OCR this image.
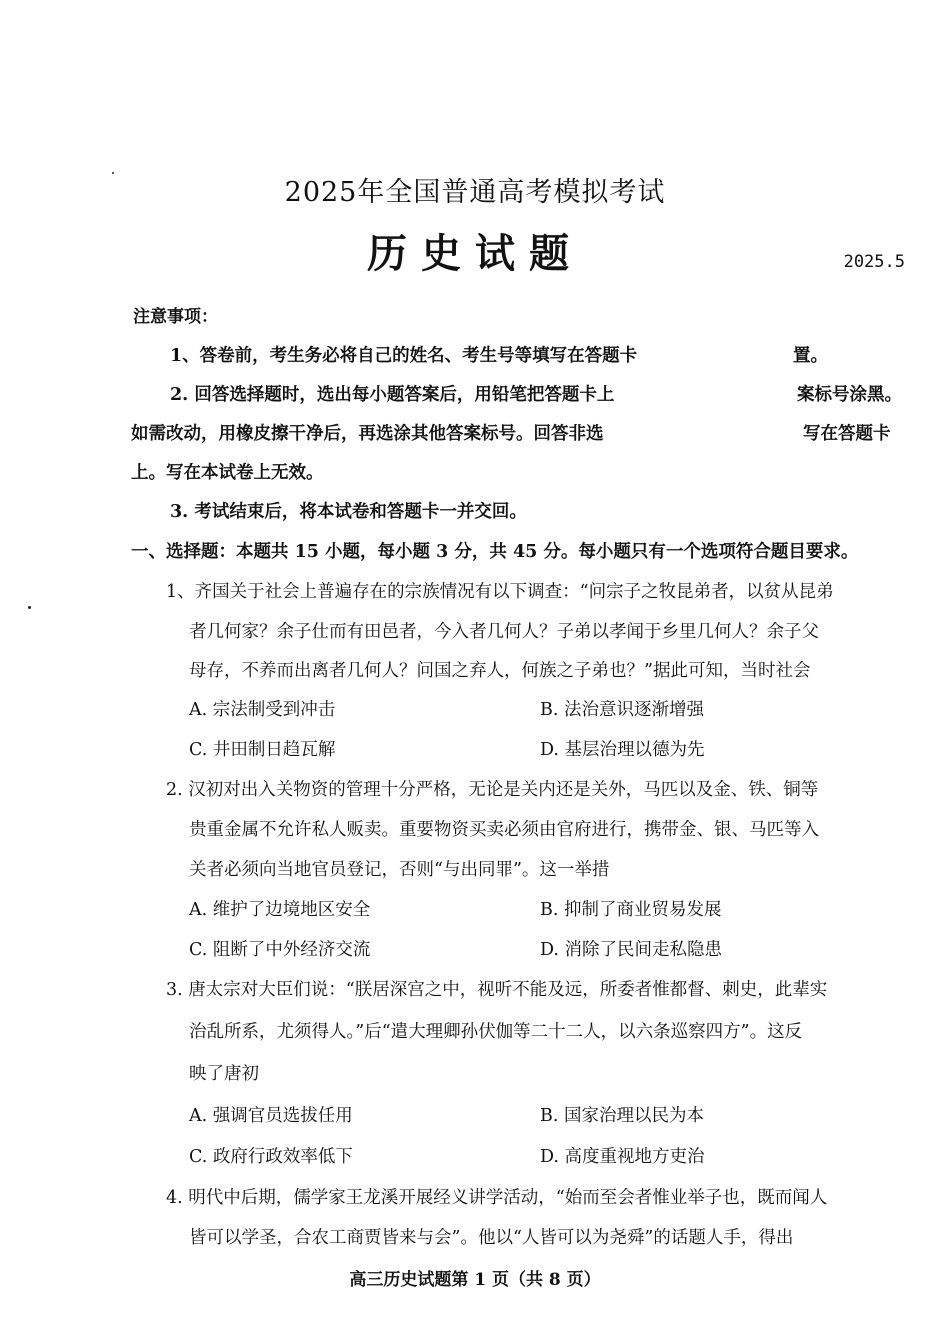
2025年全国普通高考模拟考试
历史试题	2025.5
注意事项：
1、答卷前，考生务必将自己的姓名、考生号等填写在答题卡	置。
2. 回答选择题时，选出每小题答案后，用铅笔把答题卡上	案标号涂黑。
如需改动，用橡皮擦干净后，再选涂其他答案标号。回答非选	写在答题卡
上。写在本试卷上无效。
3. 考试结束后，将本试卷和答题卡一并交回。
一、选择题：本题共 15 小题，每小题 3 分，共 45 分。每小题只有一个选项符合题目要求。
1、齐国关于社会上普遍存在的宗族情况有以下调查：“问宗子之牧昆弟者，以贫从昆弟
者几何家？余子仕而有田邑者，今入者几何人？子弟以孝闻于乡里几何人？余子父
母存，不养而出离者几何人？问国之弃人，何族之子弟也？”据此可知，当时社会
A. 宗法制受到冲击	B. 法治意识逐渐增强
C. 井田制日趋瓦解	D. 基层治理以德为先
2. 汉初对出入关物资的管理十分严格，无论是关内还是关外，马匹以及金、铁、铜等
贵重金属不允许私人贩卖。重要物资买卖必须由官府进行，携带金、银、马匹等入
关者必须向当地官员登记，否则“与出同罪”。这一举措
A. 维护了边境地区安全	B. 抑制了商业贸易发展
C. 阻断了中外经济交流	D. 消除了民间走私隐患
3. 唐太宗对大臣们说：“朕居深宫之中，视听不能及远，所委者惟都督、刺史，此辈实
治乱所系，尤须得人。”后“遣大理卿孙伏伽等二十二人，以六条巡察四方”。这反
映了唐初
A. 强调官员选拔任用	B. 国家治理以民为本
C. 政府行政效率低下	D. 高度重视地方吏治
4. 明代中后期，儒学家王龙溪开展经义讲学活动，“始而至会者惟业举子也，既而闻人
皆可以学圣，合农工商贾皆来与会”。他以“人皆可以为尧舜”的话题人手，得出
高三历史试题第 1 页（共 8 页）
